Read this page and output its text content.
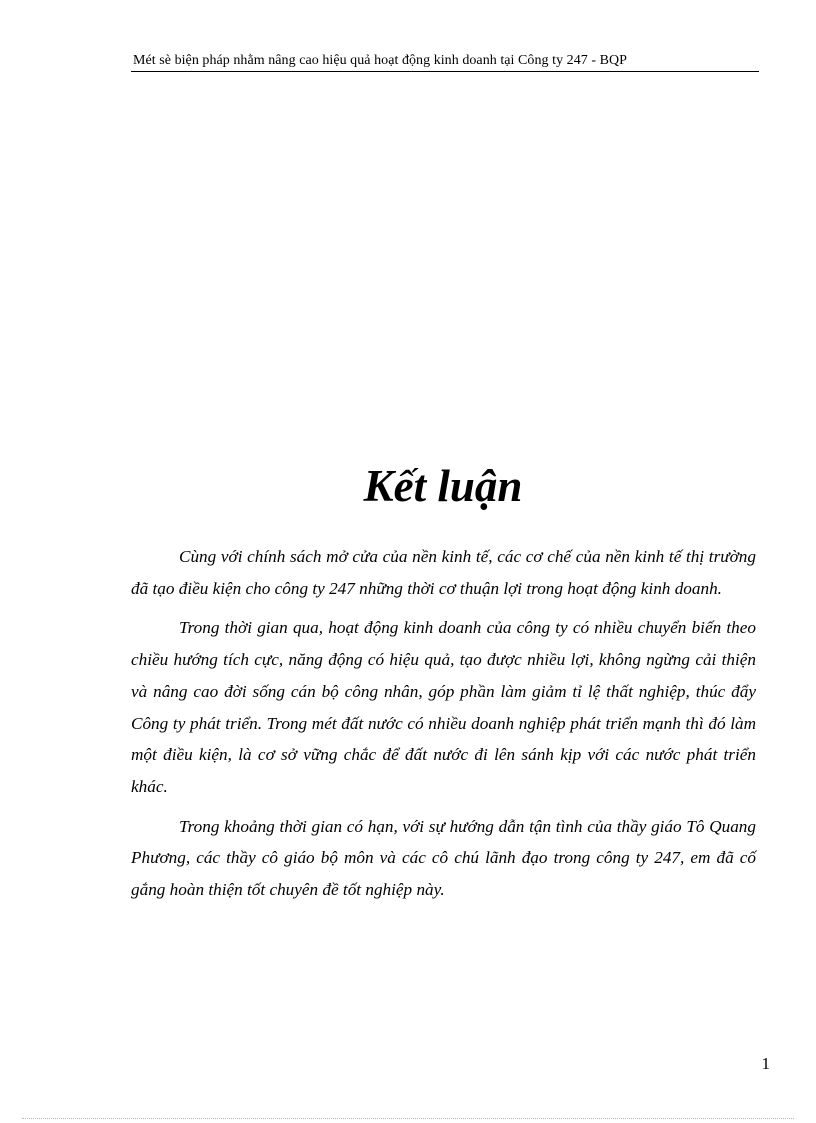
Mét sè biện pháp nhằm nâng cao hiệu quả hoạt động kinh doanh tại Công ty 247 - BQP
Kết luận

Cùng với chính sách mở cửa của nền kinh tế, các cơ chế của nền kinh tế thị trường đã tạo điều kiện cho công ty 247 những thời cơ thuận lợi trong hoạt động kinh doanh.

Trong thời gian qua, hoạt động kinh doanh của công ty có nhiều chuyển biến theo chiều hướng tích cực, năng động có hiệu quả, tạo được nhiều lợi, không ngừng cải thiện và nâng cao đời sống cán bộ công nhân, góp phần làm giảm tỉ lệ thất nghiệp, thúc đẩy Công ty phát triển. Trong mét đất nước có nhiều doanh nghiệp phát triển mạnh thì đó làm một điều kiện, là cơ sở vững chắc để đất nước đi lên sánh kịp với các nước phát triển khác.

Trong khoảng thời gian có hạn, với sự hướng dẫn tận tình của thầy giáo Tô Quang Phương, các thầy cô giáo bộ môn và các cô chú lãnh đạo trong công ty 247, em đã cố gắng hoàn thiện tốt chuyên đề tốt nghiệp này.

1
